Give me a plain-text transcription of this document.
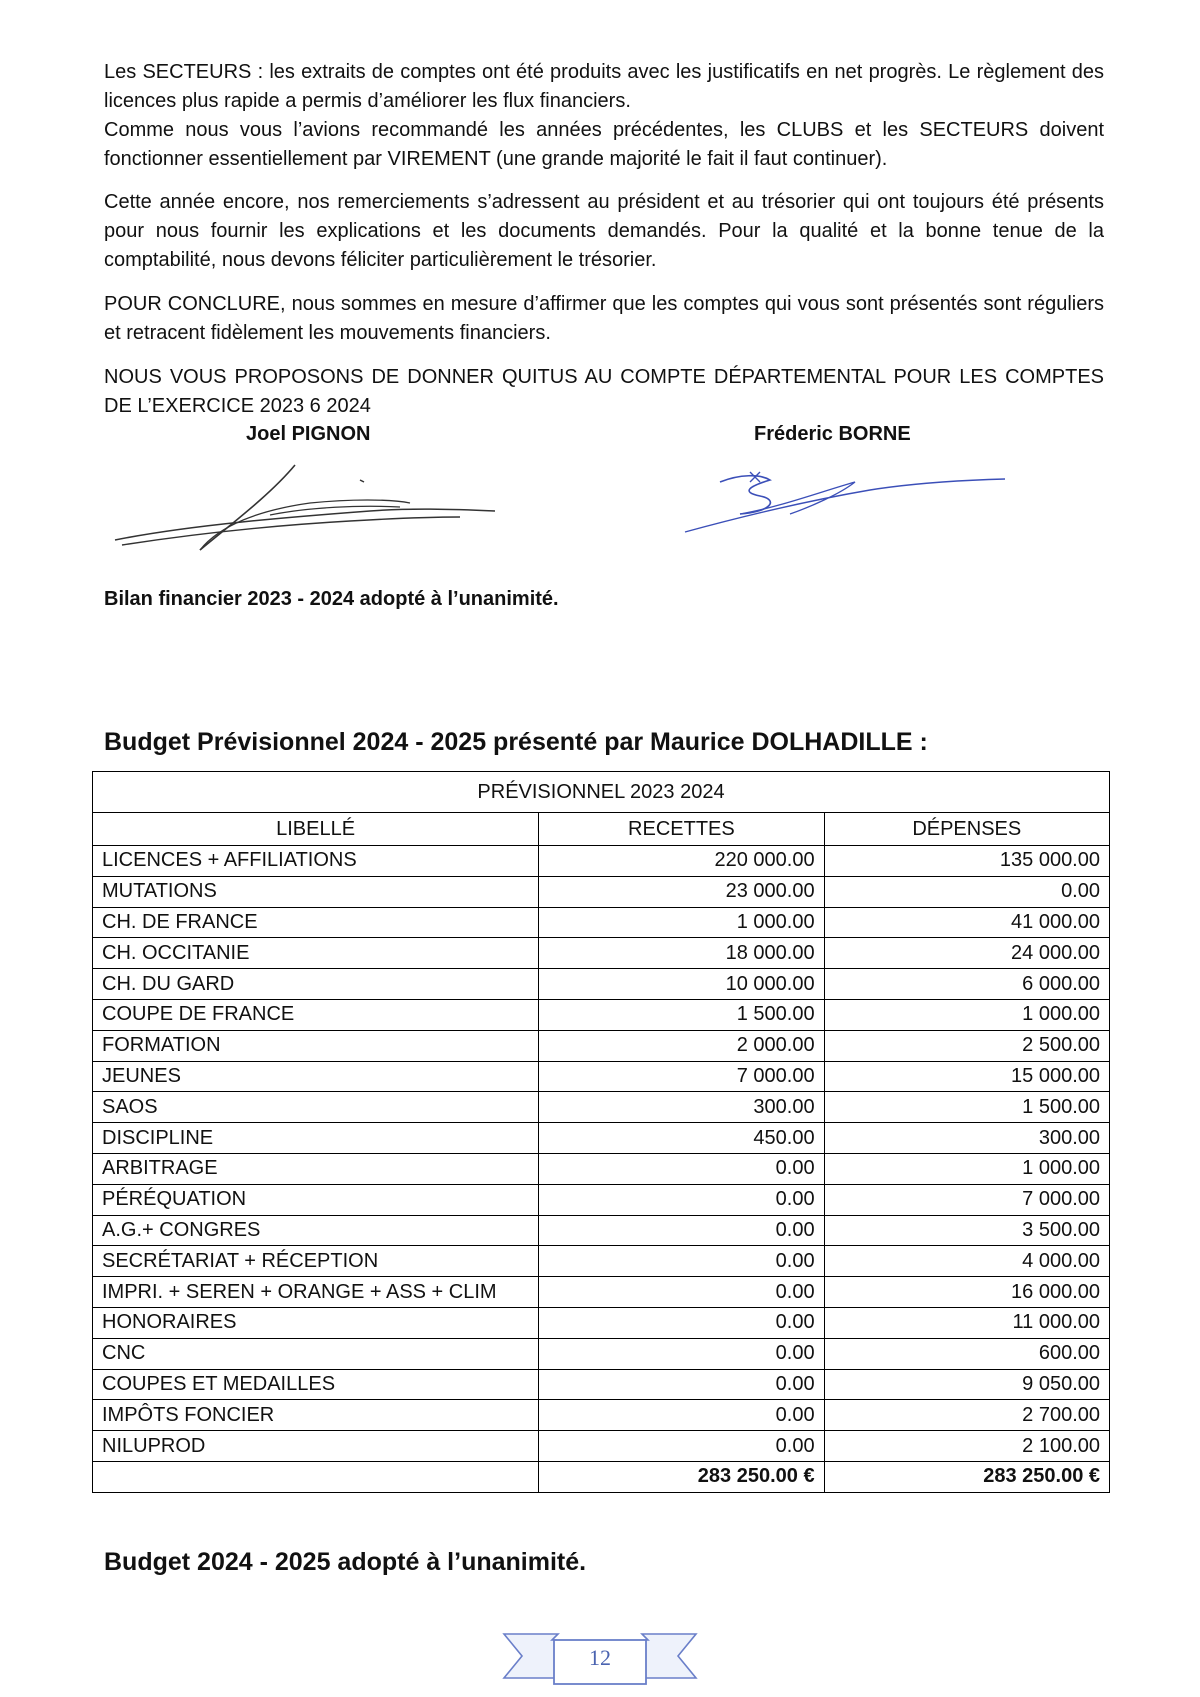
Les SECTEURS : les extraits de comptes ont été produits avec les justificatifs en net progrès. Le règlement des licences plus rapide a permis d’améliorer les flux financiers.

Comme nous vous l’avions recommandé les années précédentes, les CLUBS et les SECTEURS doivent fonctionner essentiellement par VIREMENT (une grande majorité le fait il faut continuer).

Cette année encore, nos remerciements s’adressent au président et au trésorier qui ont toujours été présents pour nous fournir les explications et les documents demandés. Pour la qualité et la bonne tenue de la comptabilité, nous devons féliciter particulièrement le trésorier.

POUR CONCLURE, nous sommes en mesure d’affirmer que les comptes qui vous sont présentés sont réguliers et retracent fidèlement les mouvements financiers.

NOUS VOUS PROPOSONS DE DONNER QUITUS AU COMPTE DÉPARTEMENTAL POUR LES COMPTES DE L’EXERCICE 2023 6 2024

Joel PIGNON	Fréderic BORNE
Bilan financier 2023 - 2024 adopté à l’unanimité.
Budget Prévisionnel 2024 - 2025 présenté par Maurice DOLHADILLE :
PRÉVISIONNEL 2023 2024		
LIBELLÉ	RECETTES	DÉPENSES
LICENCES + AFFILIATIONS	220 000.00	135 000.00
MUTATIONS	23 000.00	0.00
CH. DE FRANCE	1 000.00	41 000.00
CH. OCCITANIE	18 000.00	24 000.00
CH. DU GARD	10 000.00	6 000.00
COUPE DE FRANCE	1 500.00	1 000.00
FORMATION	2 000.00	2 500.00
JEUNES	7 000.00	15 000.00
SAOS	300.00	1 500.00
DISCIPLINE	450.00	300.00
ARBITRAGE	0.00	1 000.00
PÉRÉQUATION	0.00	7 000.00
A.G.+ CONGRES	0.00	3 500.00
SECRÉTARIAT + RÉCEPTION	0.00	4 000.00
IMPRI. + SEREN + ORANGE + ASS + CLIM	0.00	16 000.00
HONORAIRES	0.00	11 000.00
CNC	0.00	600.00
COUPES ET MEDAILLES	0.00	9 050.00
IMPÔTS FONCIER	0.00	2 700.00
NILUPROD	0.00	2 100.00
	283 250.00 €	283 250.00 €
Budget 2024 - 2025 adopté à l’unanimité.
12
